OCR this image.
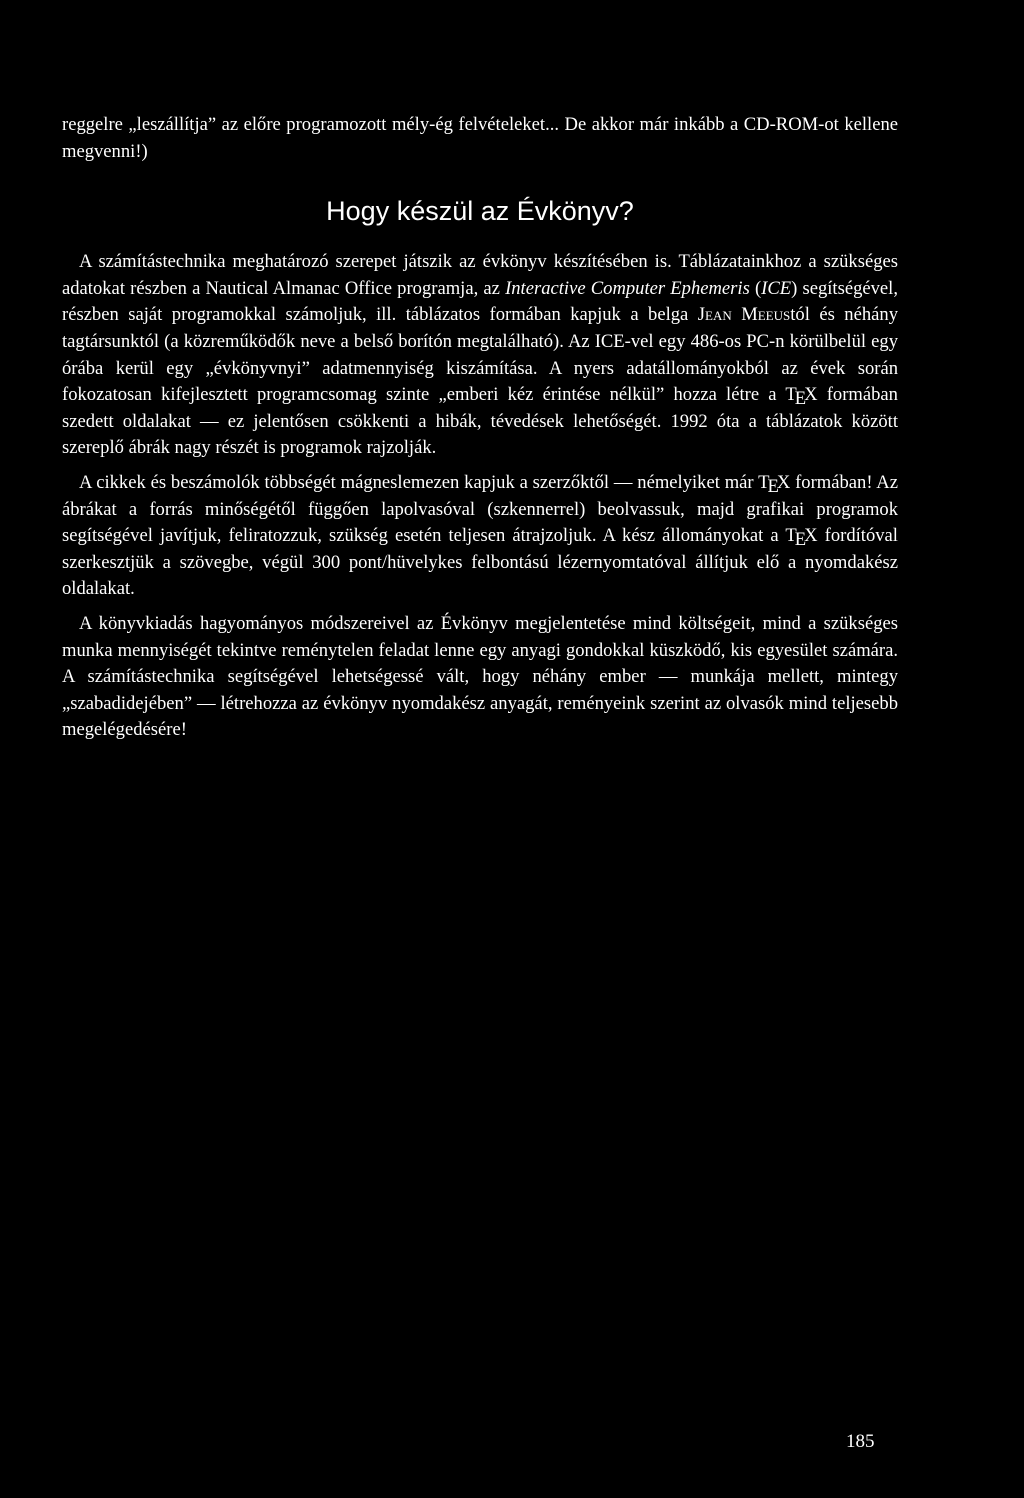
reggelre „leszállítja” az előre programozott mély-ég felvételeket... De akkor már inkább a CD-ROM-ot kellene megvenni!)

Hogy készül az Évkönyv?

A számítástechnika meghatározó szerepet játszik az évkönyv készítésében is. Táblázatainkhoz a szükséges adatokat részben a Nautical Almanac Office programja, az Interactive Computer Ephemeris (ICE) segítségével, részben saját programokkal számoljuk, ill. táblázatos formában kapjuk a belga Jean Meeustól és néhány tagtársunktól (a közreműködők neve a belső borítón megtalálható). Az ICE-vel egy 486-os PC-n körülbelül egy órába kerül egy „évkönyvnyi” adatmennyiség kiszámítása. A nyers adatállományokból az évek során fokozatosan kifejlesztett programcsomag szinte „emberi kéz érintése nélkül” hozza létre a TEX formában szedett oldalakat — ez jelentősen csökkenti a hibák, tévedések lehetőségét. 1992 óta a táblázatok között szereplő ábrák nagy részét is programok rajzolják.

A cikkek és beszámolók többségét mágneslemezen kapjuk a szerzőktől — némelyiket már TEX formában! Az ábrákat a forrás minőségétől függően lapolvasóval (szkennerrel) beolvassuk, majd grafikai programok segítségével javítjuk, feliratozzuk, szükség esetén teljesen átrajzoljuk. A kész állományokat a TEX fordítóval szerkesztjük a szövegbe, végül 300 pont/hüvelykes felbontású lézernyomtatóval állítjuk elő a nyomdakész oldalakat.

A könyvkiadás hagyományos módszereivel az Évkönyv megjelentetése mind költségeit, mind a szükséges munka mennyiségét tekintve reménytelen feladat lenne egy anyagi gondokkal küszködő, kis egyesület számára. A számítástechnika segítségével lehetségessé vált, hogy néhány ember — munkája mellett, mintegy „szabadidejében” — létrehozza az évkönyv nyomdakész anyagát, reményeink szerint az olvasók mind teljesebb megelégedésére!

185
